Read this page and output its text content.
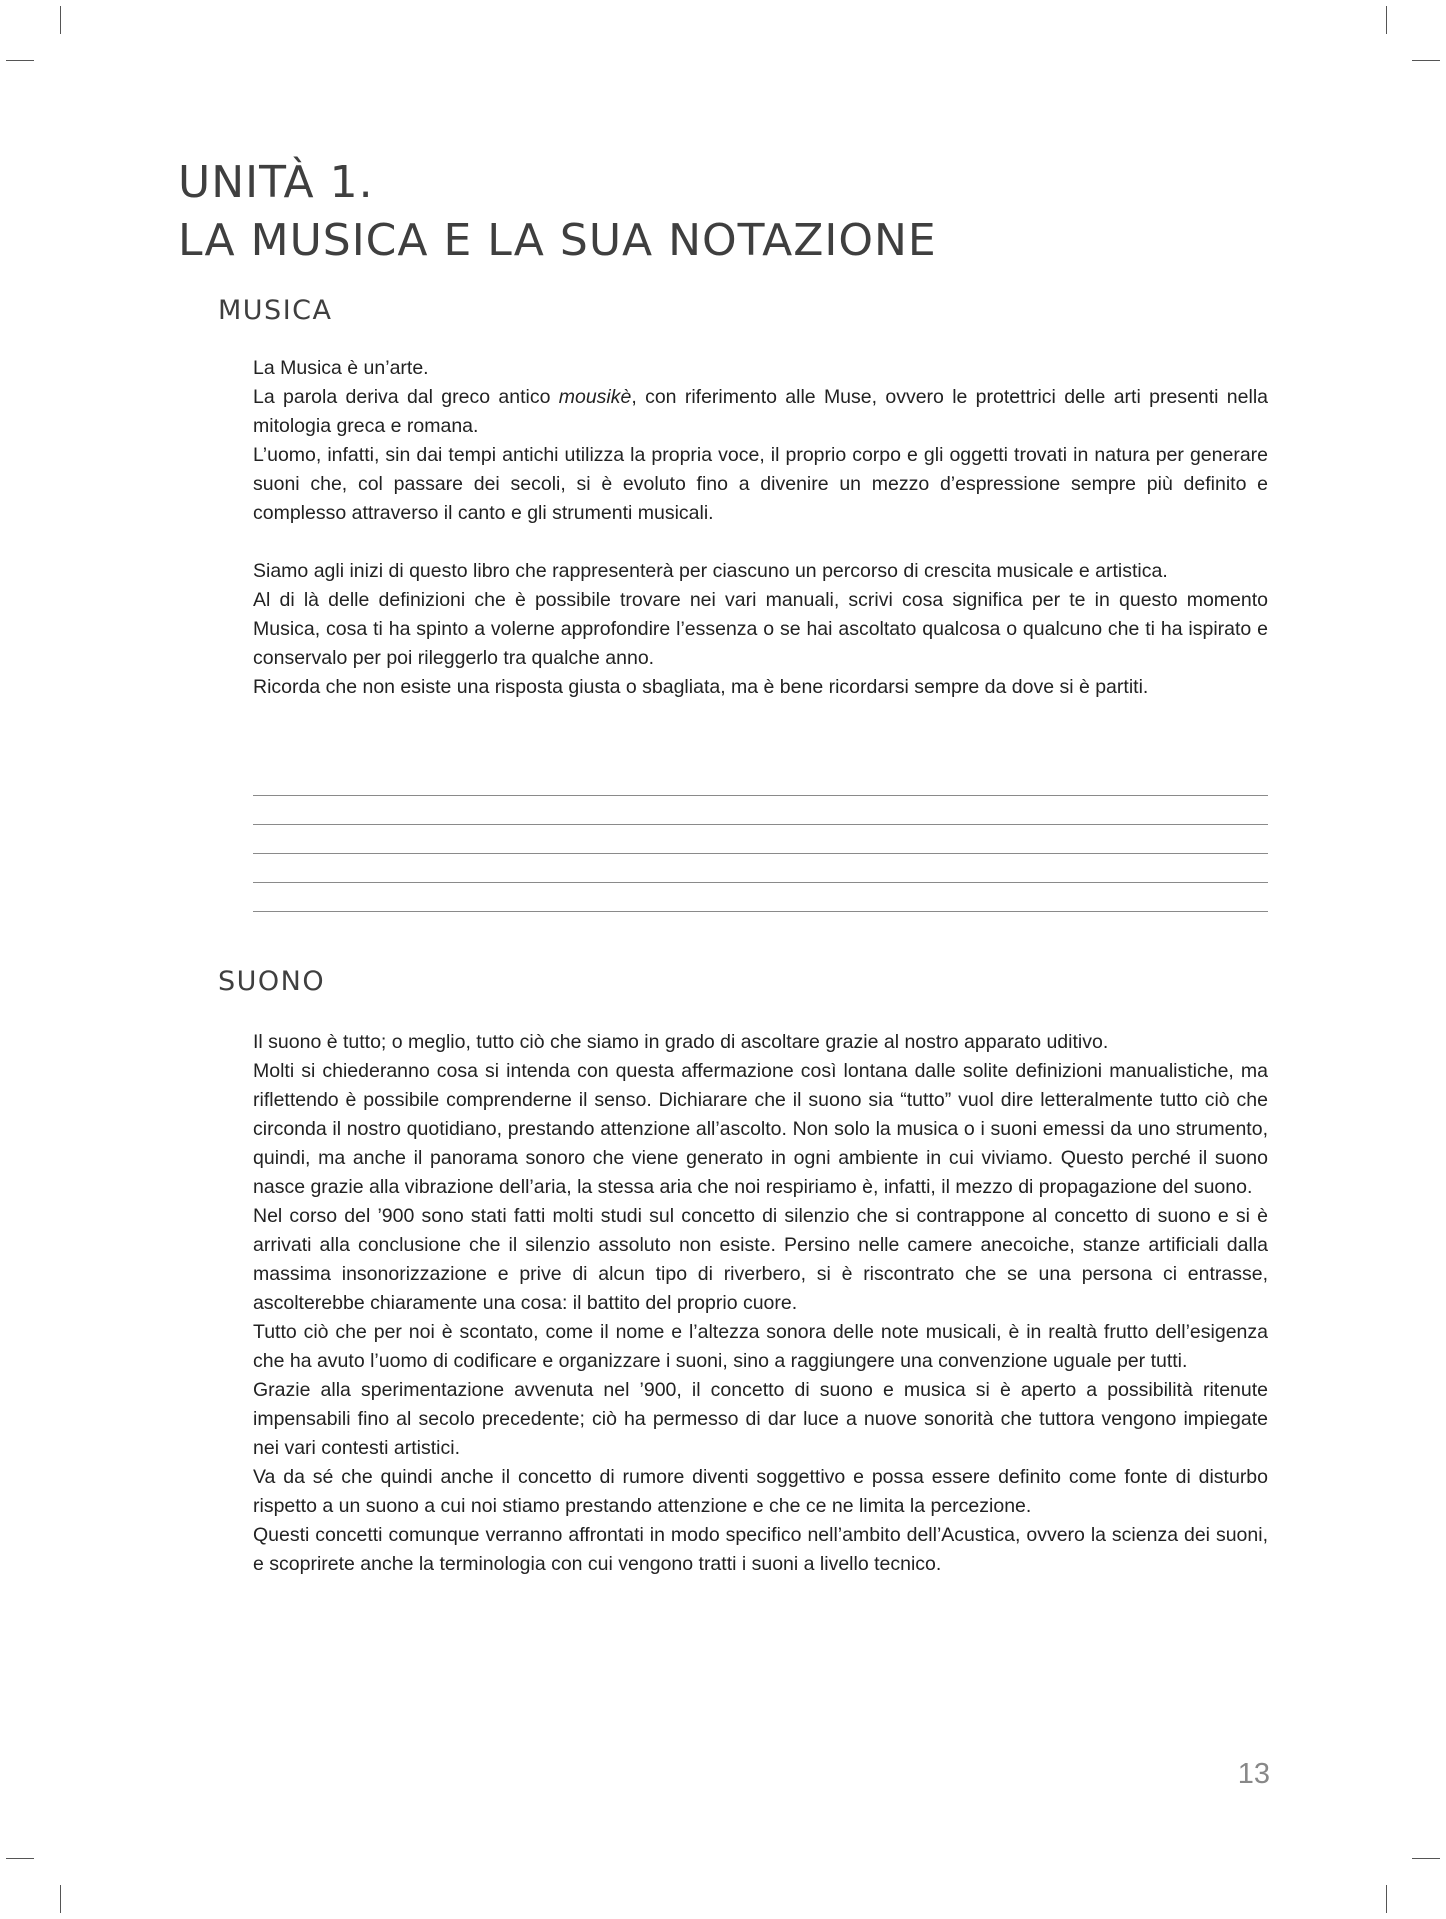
UNITÀ 1.
LA MUSICA E LA SUA NOTAZIONE
MUSICA

La Musica è un’arte.

La parola deriva dal greco antico mousikè, con riferimento alle Muse, ovvero le protettrici delle arti presenti nella mitologia greca e romana.

L’uomo, infatti, sin dai tempi antichi utilizza la propria voce, il proprio corpo e gli oggetti trovati in natura per generare suoni che, col passare dei secoli, si è evoluto fino a divenire un mezzo d’espressione sempre più definito e complesso attraverso il canto e gli strumenti musicali.

Siamo agli inizi di questo libro che rappresenterà per ciascuno un percorso di crescita musicale e artistica.

Al di là delle definizioni che è possibile trovare nei vari manuali, scrivi cosa significa per te in questo momento Musica, cosa ti ha spinto a volerne approfondire l’essenza o se hai ascoltato qualcosa o qualcuno che ti ha ispirato e conservalo per poi rileggerlo tra qualche anno.

Ricorda che non esiste una risposta giusta o sbagliata, ma è bene ricordarsi sempre da dove si è partiti.

SUONO

Il suono è tutto; o meglio, tutto ciò che siamo in grado di ascoltare grazie al nostro apparato uditivo.

Molti si chiederanno cosa si intenda con questa affermazione così lontana dalle solite definizioni manualistiche, ma riflettendo è possibile comprenderne il senso. Dichiarare che il suono sia “tutto” vuol dire letteralmente tutto ciò che circonda il nostro quotidiano, prestando attenzione all’ascolto. Non solo la musica o i suoni emessi da uno strumento, quindi, ma anche il panorama sonoro che viene generato in ogni ambiente in cui viviamo. Questo perché il suono nasce grazie alla vibrazione dell’aria, la stessa aria che noi respiriamo è, infatti, il mezzo di propagazione del suono.

Nel corso del ’900 sono stati fatti molti studi sul concetto di silenzio che si contrappone al concetto di suono e si è arrivati alla conclusione che il silenzio assoluto non esiste. Persino nelle camere anecoiche, stanze artificiali dalla massima insonorizzazione e prive di alcun tipo di riverbero, si è riscontrato che se una persona ci entrasse, ascolterebbe chiaramente una cosa: il battito del proprio cuore.

Tutto ciò che per noi è scontato, come il nome e l’altezza sonora delle note musicali, è in realtà frutto dell’esigenza che ha avuto l’uomo di codificare e organizzare i suoni, sino a raggiungere una convenzione uguale per tutti.

Grazie alla sperimentazione avvenuta nel ’900, il concetto di suono e musica si è aperto a possibilità ritenute impensabili fino al secolo precedente; ciò ha permesso di dar luce a nuove sonorità che tuttora vengono impiegate nei vari contesti artistici.

Va da sé che quindi anche il concetto di rumore diventi soggettivo e possa essere definito come fonte di disturbo rispetto a un suono a cui noi stiamo prestando attenzione e che ce ne limita la percezione.

Questi concetti comunque verranno affrontati in modo specifico nell’ambito dell’Acustica, ovvero la scienza dei suoni, e scoprirete anche la terminologia con cui vengono tratti i suoni a livello tecnico.

13
